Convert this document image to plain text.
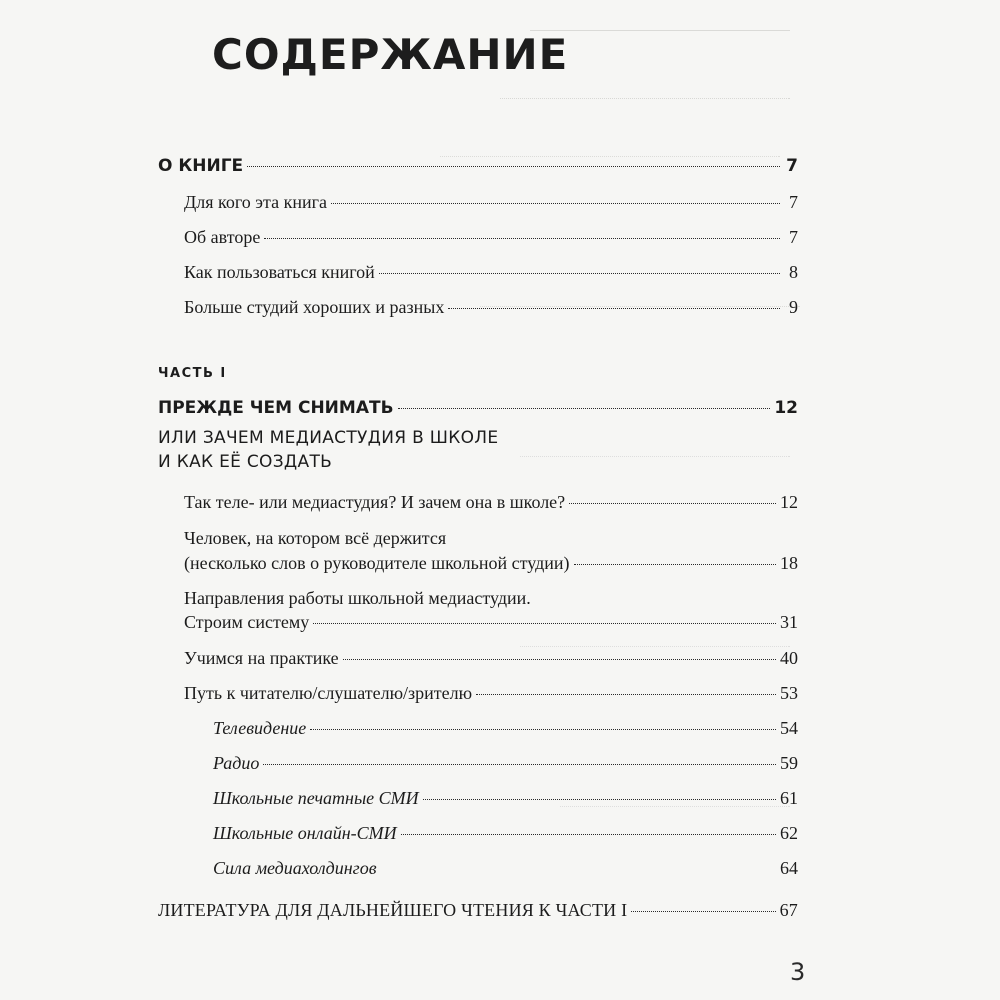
СОДЕРЖАНИЕ
О КНИГЕ	7
Для кого эта книга	7
Об авторе	7
Как пользоваться книгой	8
Больше студий хороших и разных	9
ЧАСТЬ I
ПРЕЖДЕ ЧЕМ СНИМАТЬ	12
ИЛИ ЗАЧЕМ МЕДИАСТУДИЯ В ШКОЛЕ
И КАК ЕЁ СОЗДАТЬ
Так теле- или медиастудия? И зачем она в школе?	12
Человек, на котором всё держится
(несколько слов о руководителе школьной студии)	18
Направления работы школьной медиастудии.
Строим систему	31
Учимся на практике	40
Путь к читателю/слушателю/зрителю	53
Телевидение	54
Радио	59
Школьные печатные СМИ	61
Школьные онлайн-СМИ	62
Сила медиахолдингов	64
ЛИТЕРАТУРА ДЛЯ ДАЛЬНЕЙШЕГО ЧТЕНИЯ К ЧАСТИ I	67
3
